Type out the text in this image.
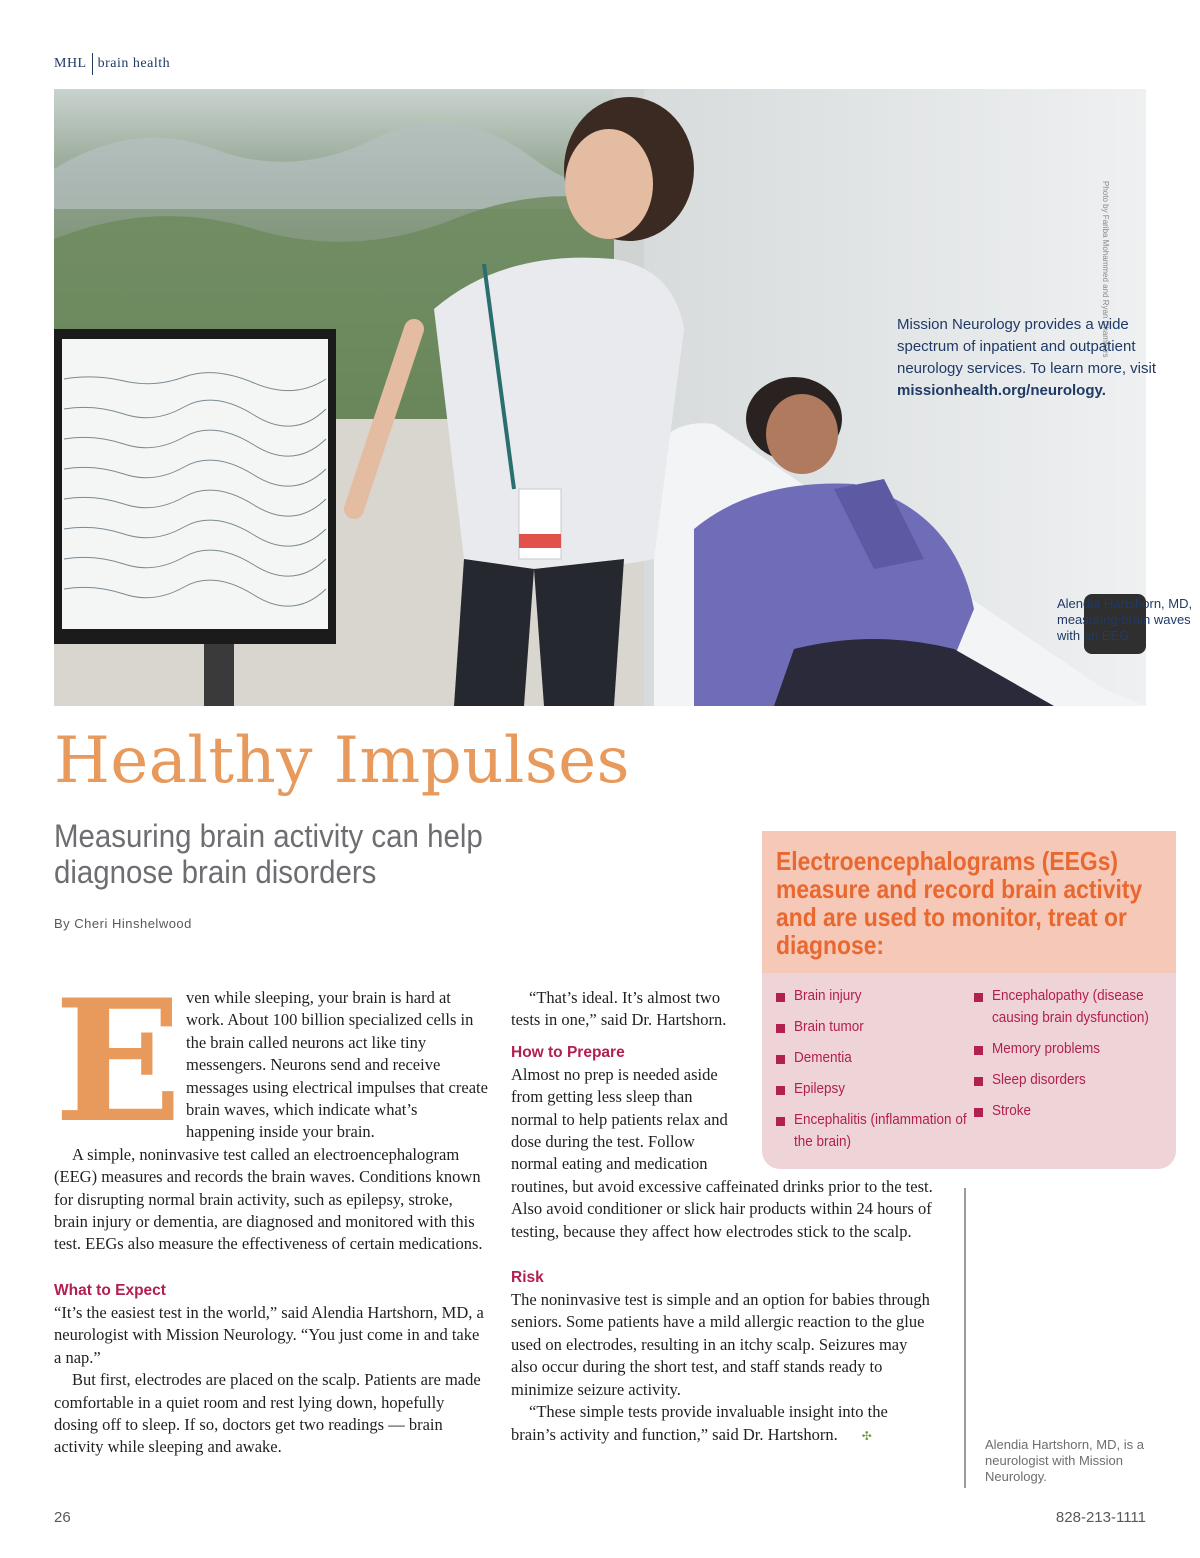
MHL brain health
Photo by Fariba Mohammed and Ryan Chambers
Mission Neurology provides a wide spectrum of inpatient and outpatient neurology services. To learn more, visit
missionhealth.org/neurology.
Alendia Hartshorn, MD, measuring brain waves with an EEG
Healthy Impulses
Measuring brain activity can help diagnose brain disorders
By Cheri Hinshelwood
Electroencephalograms (EEGs) measure and record brain activity and are used to monitor, treat or diagnose:
Brain injury
Brain tumor
Dementia
Epilepsy
Encephalitis (inflammation of the brain)
Encephalopathy (disease causing brain dysfunction)
Memory problems
Sleep disorders
Stroke
E ven while sleeping, your brain is hard at work. About 100 billion specialized cells in the brain called neurons act like tiny messengers. Neurons send and receive messages using electrical impulses that create brain waves, which indicate what’s happening inside your brain.

A simple, noninvasive test called an electroencephalogram (EEG) measures and records the brain waves. Conditions known for disrupting normal brain activity, such as epilepsy, stroke, brain injury or dementia, are diagnosed and monitored with this test. EEGs also measure the effectiveness of certain medications.

What to Expect

“It’s the easiest test in the world,” said Alendia Hartshorn, MD, a neurologist with Mission Neurology. “You just come in and take a nap.”

But first, electrodes are placed on the scalp. Patients are made comfortable in a quiet room and rest lying down, hopefully dosing off to sleep. If so, doctors get two readings — brain activity while sleeping and awake.

“That’s ideal. It’s almost two tests in one,” said Dr. Hartshorn.

How to Prepare

Almost no prep is needed aside from getting less sleep than normal to help patients relax and dose during the test. Follow normal eating and medication

routines, but avoid excessive caffeinated drinks prior to the test. Also avoid conditioner or slick hair products within 24 hours of testing, because they affect how electrodes stick to the scalp.

Risk

The noninvasive test is simple and an option for babies through seniors. Some patients have a mild allergic reaction to the glue used on electrodes, resulting in an itchy scalp. Seizures may also occur during the short test, and staff stands ready to minimize seizure activity.

“These simple tests provide invaluable insight into the brain’s activity and function,” said Dr. Hartshorn. ✣

Alendia Hartshorn, MD, is a neurologist with Mission Neurology.
26	828-213-1111
